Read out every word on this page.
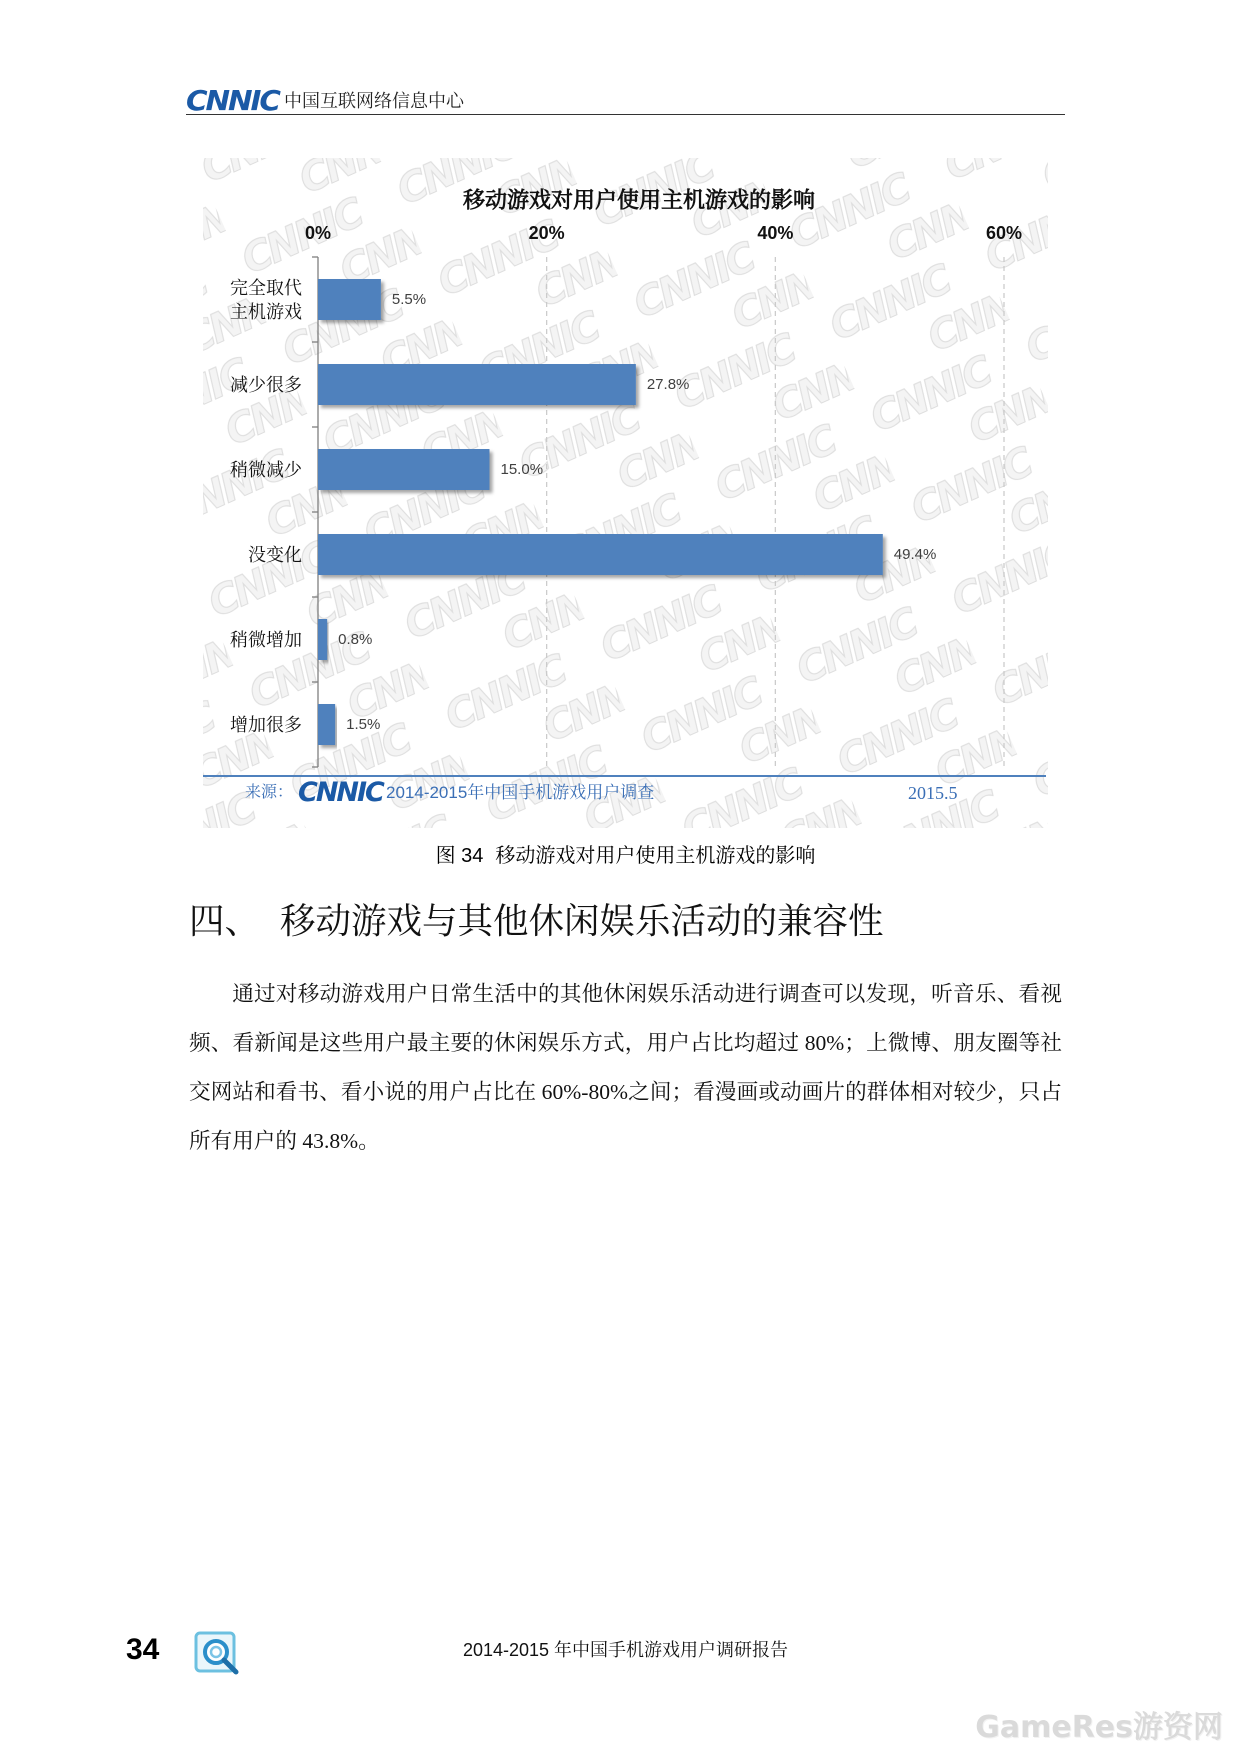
CNNIC 中国互联网络信息中心
移动游戏对用户使用主机游戏的影响
0%	20%	40%	60%
5.5%
27.8%
15.0%
49.4%
0.8%
1.5%
来源： CNNIC 2014-2015年中国手机游戏用户调查	2015.5
完全取代主机游戏
减少很多
稍微减少
没变化
稍微增加
增加很多
图 34 移动游戏对用户使用主机游戏的影响
四、 移动游戏与其他休闲娱乐活动的兼容性

通过对移动游戏用户日常生活中的其他休闲娱乐活动进行调查可以发现，听音乐、看视频、看新闻是这些用户最主要的休闲娱乐方式，用户占比均超过 80%；上微博、朋友圈等社交网站和看书、看小说的用户占比在 60%-80%之间；看漫画或动画片的群体相对较少，只占所有用户的 43.8%。

34	2014-2015 年中国手机游戏用户调研报告
GameRes游资网
